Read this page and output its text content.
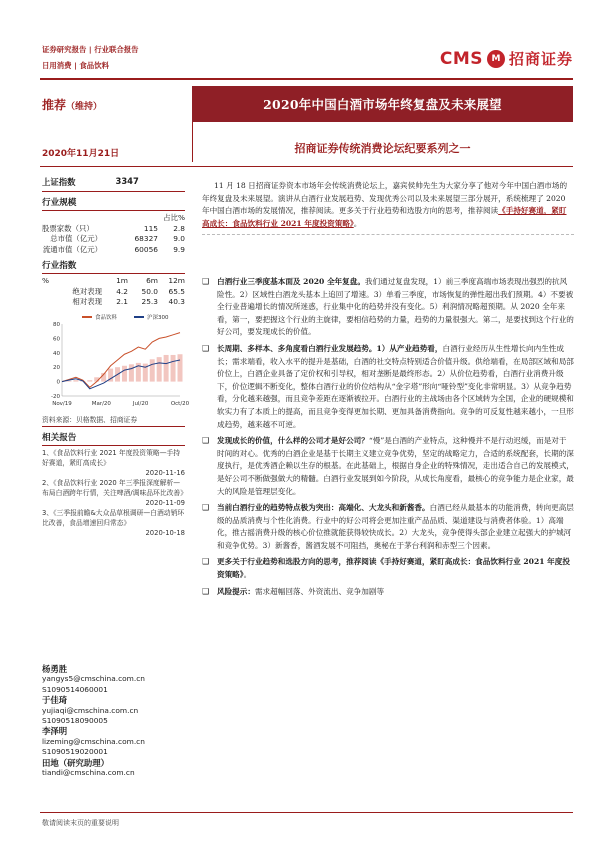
证券研究报告 | 行业联合报告
日用消费 | 食品饮料	CMS M 招商证券
推荐（维持）	2020年中国白酒市场年终复盘及未来展望
2020年11月21日	招商证券传统消费论坛纪要系列之一
上证指数	3347
行业规模
占比%
股票家数（只）	115	2.8
总市值（亿元）	68327	9.0
流通市值（亿元）	60056	9.9
行业指数
%	1m	6m	12m
绝对表现	4.2	50.0	65.5
相对表现	2.1	25.3	40.3
80
60
40
20
0
-20
Nov/19	Mar/20	Jul/20	Oct/20
食品饮料	沪深300
资料来源：贝格数据、招商证券
相关报告
1、《食品饮料行业 2021 年度投资策略—手持好赛道，紧盯高成长》
2020-11-16
2、《食品饮料行业 2020 年三季报深度解析—布局白酒跨年行情，关注啤酒/调味品环比改善》
2020-11-09
3、《三季报前瞻&大众品草根调研—白酒动销环比改善，食品增速回归常态》
2020-10-18
杨勇胜
yangys5@cmschina.com.cn
S1090514060001
于佳琦
yujiaqi@cmschina.com.cn
S1090518090005
李泽明
lizeming@cmschina.com.cn
S1090519020001
田地（研究助理）
tiandi@cmschina.com.cn
11 月 18 日招商证券资本市场年会传统消费论坛上，嘉宾侯帅先生为大家分享了他对今年中国白酒市场的年终复盘及未来展望。演讲从白酒行业发展趋势、发现优秀公司以及未来展望三部分展开，系统梳理了 2020 年中国白酒市场的发展情况，推荐阅读。更多关于行业趋势和选股方向的思考，推荐阅读《手持好赛道，紧盯高成长：食品饮料行业 2021 年度投资策略》。
❑	白酒行业三季度基本面及 2020 全年复盘。我们通过复盘发现，1）前三季度高端市场表现出强烈的抗风险性。2）区域性白酒龙头基本上追回了增速。3）单看三季度，市场恢复的弹性超出我们预期。4）不要被全行业普遍增长的情况所迷惑，行业集中化的趋势并没有变化。5）利润情况略超预期。从 2020 全年来看，第一，要把握这个行业的主旋律，要相信趋势的力量，趋势的力量很强大。第二，是要找到这个行业的好公司，要发现成长的价值。
❑	长周期、多样本、多角度看白酒行业发展趋势。1）从产业趋势看，白酒行业经历从生性增长向内生性成长；需求端看，收入水平的提升是基础，白酒的社交特点特别适合价值升级。供给端看，在局部区域和局部价位上，白酒企业具备了定价权和引导权，相对垄断是最终形态。2）从价位趋势看，白酒行业消费升级下，价位逻辑不断变化，整体白酒行业的价位结构从“金字塔”形向“哑铃型”变化非常明显。3）从竞争趋势看，分化越来越强，而且竞争差距在逐渐被拉开。白酒行业的主战场由各个区域转为全国，企业的硬规模和软实力有了本质上的提高，而且竞争变得更加长期、更加具备消费指向。竞争的可反复性越来越小，一旦形成趋势，越来越不可逆。
❑	发现成长的价值，什么样的公司才是好公司？“慢”是白酒的产业特点，这种慢并不是行动迟缓，而是对于时间的对心。优秀的白酒企业是基于长期主义建立竞争优势，坚定的战略定力，合适的系统配套，长期的深度执行，是优秀酒企赖以生存的根基。在此基础上，根据自身企业的特殊情况，走出适合自己的发展模式，是好公司不断做强做大的精髓。白酒行业发展到如今阶段，从成长角度看，最核心的竞争能力是企业家，最大的风险是管理层变化。
❑	当前白酒行业的趋势特点极为突出：高端化、大龙头和新酱香。白酒已经从最基本的功能消费，转向更高层级的品质消费与个性化消费。行业中的好公司将会更加注重产品品质、渠道建设与消费者体验。1）高端化，推古摇消费升级的核心价位推就能获得较快成长。2）大龙头，竞争使得头部企业建立起强大的护城河和竞争优势。3）新酱香，酱酒发展不可阻挡，奥秘在于茅台利润和赤型三个因素。
❑	更多关于行业趋势和选股方向的思考，推荐阅读《手持好赛道，紧盯高成长：食品饮料行业 2021 年度投资策略》。
❑	风险提示：需求超幅回落、外资流出、竞争加剧等
敬请阅读末页的重要说明
